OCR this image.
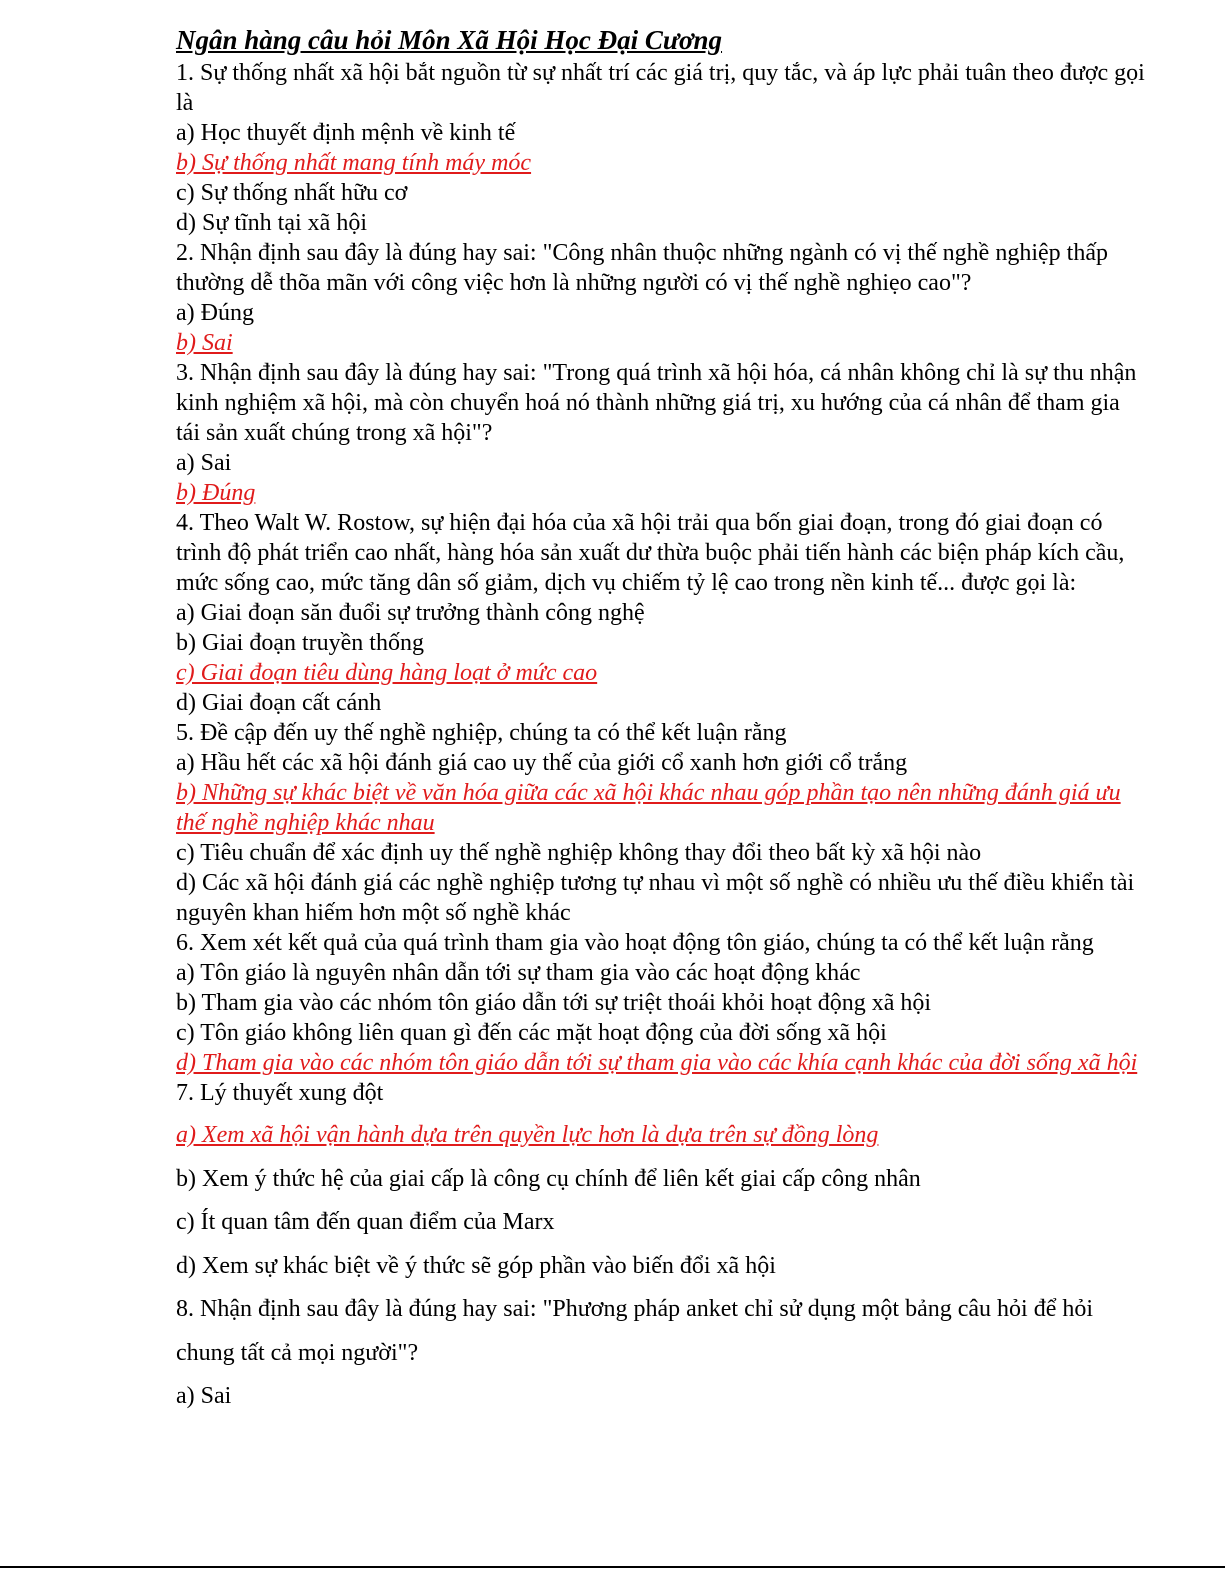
Ngân hàng câu hỏi Môn Xã Hội Học Đại Cương

1. Sự thống nhất xã hội bắt nguồn từ sự nhất trí các giá trị, quy tắc, và áp lực phải tuân theo được gọi là

a) Học thuyết định mệnh về kinh tế

b) Sự thống nhất mang tính máy móc

c) Sự thống nhất hữu cơ

d) Sự tĩnh tại xã hội

2. Nhận định sau đây là đúng hay sai: "Công nhân thuộc những ngành có vị thế nghề nghiệp thấp thường dễ thõa mãn với công việc hơn là những người có vị thế nghề nghiẹo cao"?

a) Đúng

b) Sai

3. Nhận định sau đây là đúng hay sai: "Trong quá trình xã hội hóa, cá nhân không chỉ là sự thu nhận kinh nghiệm xã hội, mà còn chuyển hoá nó thành những giá trị, xu hướng của cá nhân để tham gia tái sản xuất chúng trong xã hội"?

a) Sai

b) Đúng

4. Theo Walt W. Rostow, sự hiện đại hóa của xã hội trải qua bốn giai đoạn, trong đó giai đoạn có trình độ phát triển cao nhất, hàng hóa sản xuất dư thừa buộc phải tiến hành các biện pháp kích cầu, mức sống cao, mức tăng dân số giảm, dịch vụ chiếm tỷ lệ cao trong nền kinh tế... được gọi là:

a) Giai đoạn săn đuổi sự trưởng thành công nghệ

b) Giai đoạn truyền thống

c) Giai đoạn tiêu dùng hàng loạt ở mức cao

d) Giai đoạn cất cánh

5. Đề cập đến uy thế nghề nghiệp, chúng ta có thể kết luận rằng

a) Hầu hết các xã hội đánh giá cao uy thế của giới cổ xanh hơn giới cổ trắng

b) Những sự khác biệt về văn hóa giữa các xã hội khác nhau góp phần tạo nên những đánh giá ưu thế nghề nghiệp khác nhau

c) Tiêu chuẩn để xác định uy thế nghề nghiệp không thay đổi theo bất kỳ xã hội nào

d) Các xã hội đánh giá các nghề nghiệp tương tự nhau vì một số nghề có nhiều ưu thế điều khiển tài nguyên khan hiếm hơn một số nghề khác

6. Xem xét kết quả của quá trình tham gia vào hoạt động tôn giáo, chúng ta có thể kết luận rằng

a) Tôn giáo là nguyên nhân dẫn tới sự tham gia vào các hoạt động khác

b) Tham gia vào các nhóm tôn giáo dẫn tới sự triệt thoái khỏi hoạt động xã hội

c) Tôn giáo không liên quan gì đến các mặt hoạt động của đời sống xã hội

d) Tham gia vào các nhóm tôn giáo dẫn tới sự tham gia vào các khía cạnh khác của đời sống xã hội

7. Lý thuyết xung đột

a) Xem xã hội vận hành dựa trên quyền lực hơn là dựa trên sự đồng lòng

b) Xem ý thức hệ của giai cấp là công cụ chính để liên kết giai cấp công nhân

c) Ít quan tâm đến quan điểm của Marx

d) Xem sự khác biệt về ý thức sẽ góp phần vào biến đổi xã hội

8. Nhận định sau đây là đúng hay sai: "Phương pháp anket chỉ sử dụng một bảng câu hỏi để hỏi chung tất cả mọi người"?

a) Sai
